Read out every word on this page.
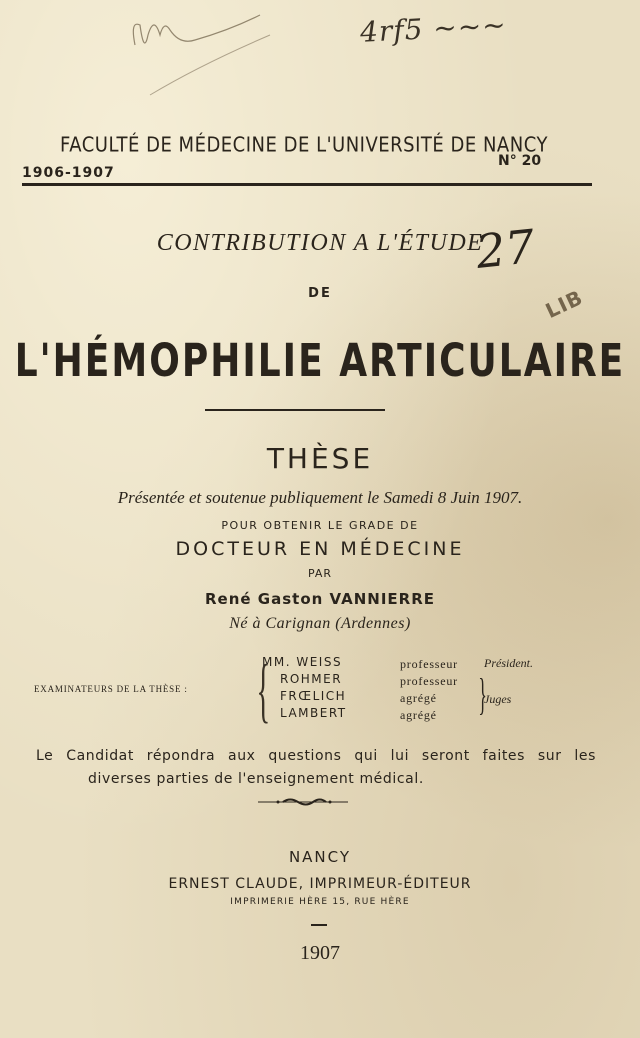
4rf5 ~~~
FACULTÉ DE MÉDECINE DE L'UNIVERSITÉ DE NANCY
N° 20
1906-1907
CONTRIBUTION A L'ÉTUDE
27
DE	LIB
L'HÉMOPHILIE ARTICULAIRE
THÈSE
Présentée et soutenue publiquement le Samedi 8 Juin 1907.
POUR OBTENIR LE GRADE DE
DOCTEUR EN MÉDECINE
PAR
René Gaston VANNIERRE
Né à Carignan (Ardennes)
EXAMINATEURS DE LA THÈSE : {
MM. WEISS
ROHMER
FRŒLICH
LAMBERT
professeur
professeur
agrégé
agrégé
Président.
}
Juges
Le Candidat répondra aux questions qui lui seront faites sur les
diverses parties de l'enseignement médical.
NANCY
ERNEST CLAUDE, IMPRIMEUR-ÉDITEUR
IMPRIMERIE HÈRE 15, RUE HÈRE
1907
